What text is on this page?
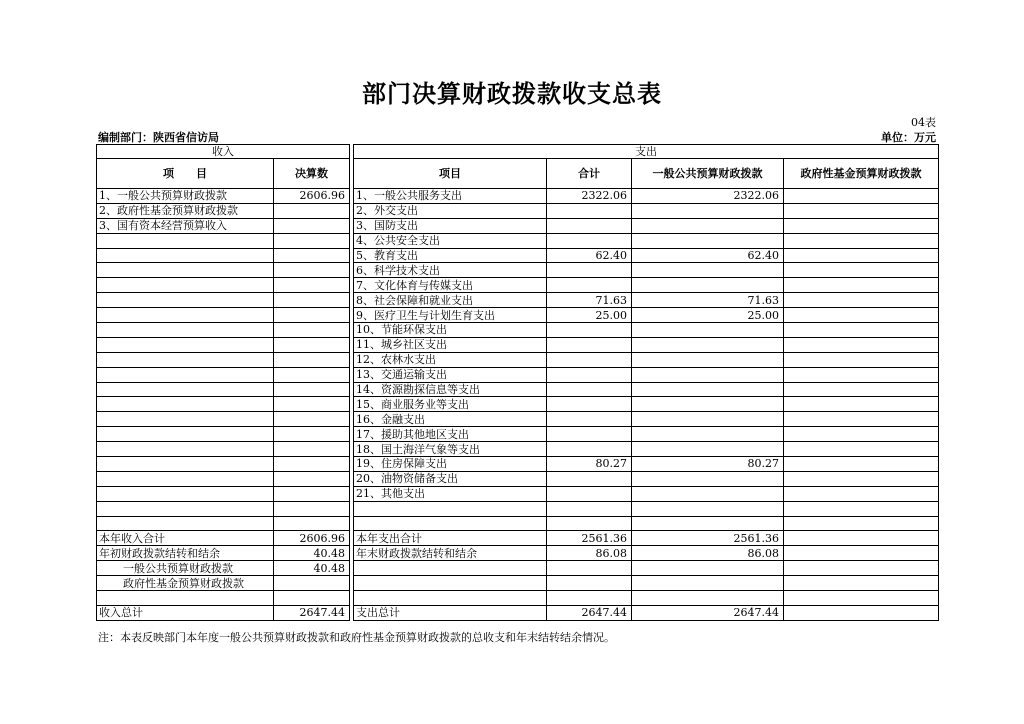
部门决算财政拨款收支总表
04表
编制部门：陕西省信访局	单位：万元
收入			支出			
项　　目	决算数		项目	合计	一般公共预算财政拨款	政府性基金预算财政拨款
1、一般公共预算财政拨款	2606.96		1、一般公共服务支出	2322.06	2322.06	
2、政府性基金预算财政拨款			2、外交支出			
3、国有资本经营预算收入			3、国防支出			
			4、公共安全支出			
			5、教育支出	62.40	62.40	
			6、科学技术支出			
			7、文化体育与传媒支出			
			8、社会保障和就业支出	71.63	71.63	
			9、医疗卫生与计划生育支出	25.00	25.00	
			10、节能环保支出			
			11、城乡社区支出			
			12、农林水支出			
			13、交通运输支出			
			14、资源勘探信息等支出			
			15、商业服务业等支出			
			16、金融支出			
			17、援助其他地区支出			
			18、国土海洋气象等支出			
			19、住房保障支出	80.27	80.27	
			20、油物资储备支出			
			21、其他支出			

本年收入合计	2606.96		本年支出合计	2561.36	2561.36	
年初财政拨款结转和结余	40.48		年末财政拨款结转和结余	86.08	86.08	
一般公共预算财政拨款	40.48					
政府性基金预算财政拨款						

收入总计	2647.44		支出总计	2647.44	2647.44	
注：本表反映部门本年度一般公共预算财政拨款和政府性基金预算财政拨款的总收支和年末结转结余情况。
